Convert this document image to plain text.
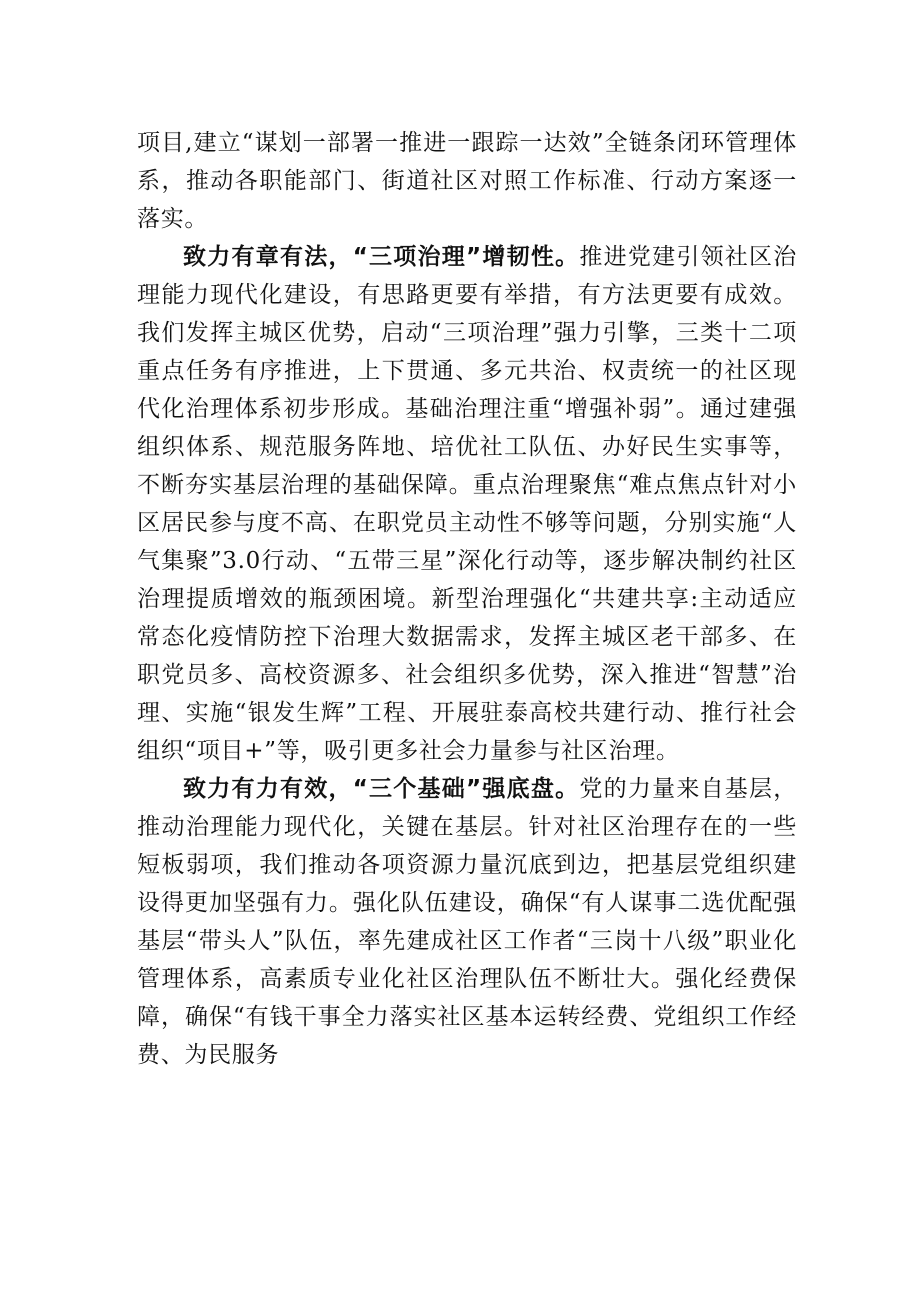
项目,建立“谋划一部署一推进一跟踪一达效”全链条闭环管理体系，推动各职能部门、街道社区对照工作标准、行动方案逐一落实。

致力有章有法，“三项治理”增韧性。推进党建引领社区治理能力现代化建设，有思路更要有举措，有方法更要有成效。我们发挥主城区优势，启动“三项治理”强力引擎，三类十二项重点任务有序推进，上下贯通、多元共治、权责统一的社区现代化治理体系初步形成。基础治理注重“增强补弱”。通过建强组织体系、规范服务阵地、培优社工队伍、办好民生实事等，不断夯实基层治理的基础保障。重点治理聚焦“难点焦点针对小区居民参与度不高、在职党员主动性不够等问题，分别实施“人气集聚”3.0行动、“五带三星”深化行动等，逐步解决制约社区治理提质增效的瓶颈困境。新型治理强化“共建共享:主动适应常态化疫情防控下治理大数据需求，发挥主城区老干部多、在职党员多、高校资源多、社会组织多优势，深入推进“智慧”治理、实施“银发生辉”工程、开展驻泰高校共建行动、推行社会组织“项目+”等，吸引更多社会力量参与社区治理。

致力有力有效，“三个基础”强底盘。党的力量来自基层，推动治理能力现代化，关键在基层。针对社区治理存在的一些短板弱项，我们推动各项资源力量沉底到边，把基层党组织建设得更加坚强有力。强化队伍建设，确保“有人谋事二选优配强基层“带头人”队伍，率先建成社区工作者“三岗十八级”职业化管理体系，高素质专业化社区治理队伍不断壮大。强化经费保障，确保“有钱干事全力落实社区基本运转经费、党组织工作经费、为民服务
